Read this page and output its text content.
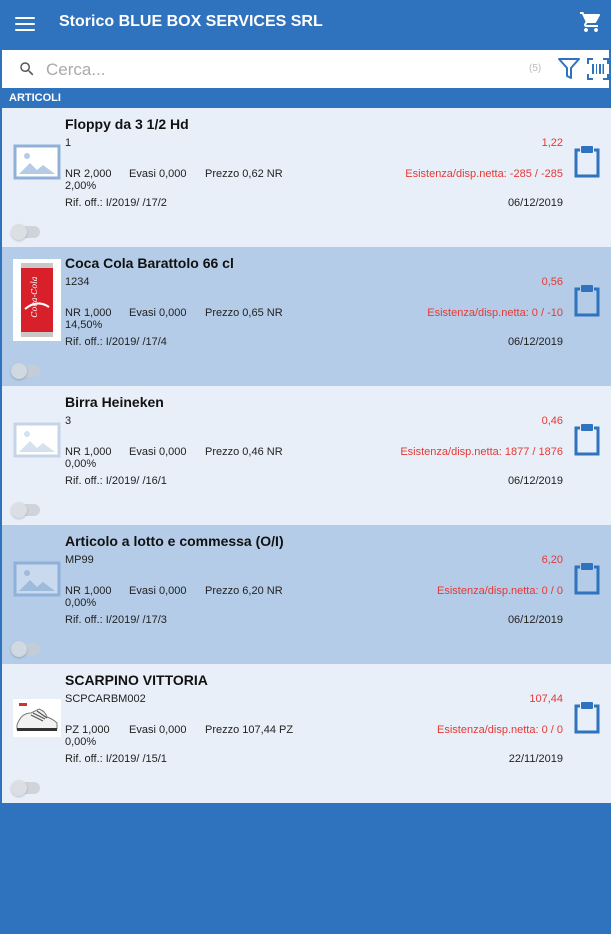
Storico BLUE BOX SERVICES SRL
Cerca...
(5)
ARTICOLI
Floppy da 3 1/2 Hd
1	1,22
NR 2,000 Evasi 0,000 Prezzo 0,62 NR	Esistenza/disp.netta: -285 / -285
2,00%
Rif. off.: I/2019/ /17/2	06/12/2019
Coca-Cola
Coca Cola Barattolo 66 cl
1234	0,56
NR 1,000 Evasi 0,000 Prezzo 0,65 NR	Esistenza/disp.netta: 0 / -10
14,50%
Rif. off.: I/2019/ /17/4	06/12/2019
Birra Heineken
3	0,46
NR 1,000 Evasi 0,000 Prezzo 0,46 NR	Esistenza/disp.netta: 1877 / 1876
0,00%
Rif. off.: I/2019/ /16/1	06/12/2019
Articolo a lotto e commessa (O/I)
MP99	6,20
NR 1,000 Evasi 0,000 Prezzo 6,20 NR	Esistenza/disp.netta: 0 / 0
0,00%
Rif. off.: I/2019/ /17/3	06/12/2019
SCARPINO VITTORIA
SCPCARBM002	107,44
PZ 1,000 Evasi 0,000 Prezzo 107,44 PZ	Esistenza/disp.netta: 0 / 0
0,00%
Rif. off.: I/2019/ /15/1	22/11/2019
